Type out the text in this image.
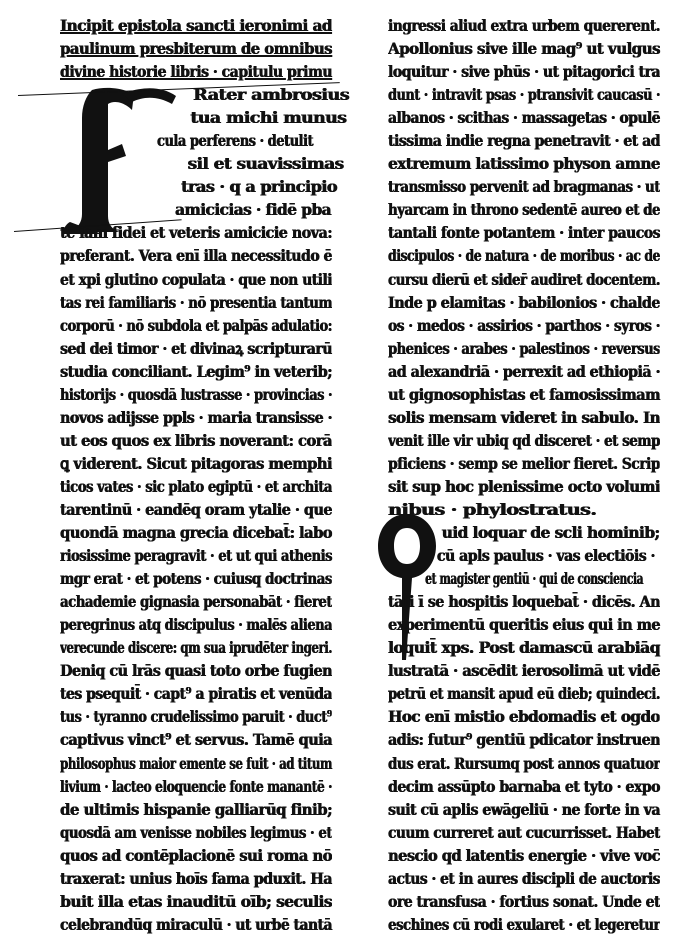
Incipit epistola sancti ieronimi ad
paulinum presbiterum de omnibus
divine historie libris · capitulu primu
Rater ambrosius
tua michi munus
cula perferens · detulit
sil et suavissimas
tras · q a principio
amicicias · fidē pba
te iam fidei et veteris amicicie nova:
preferant. Vera enī illa necessitudo ē
et xpi glutino copulata · que non utili
tas rei familiaris · nō presentia tantum
corporū · nō subdola et palpās adulatio:
sed dei timor · et divinaꝝ scripturarū
studia conciliant. Legim⁹ in veterib;
historijs · quosdā lustrasse · provincias ·
novos adijsse ppls · maria transisse ·
ut eos quos ex libris noverant: corā
ꝗ viderent. Sicut pitagoras memphi
ticos vates · sic plato egiptū · et archita
tarentinū · eandēq oram ytalie · que
quondā magna grecia dicebat̄: labo
riosissime peragravit · et ut qui athenis
mgr erat · et potens · cuiusq doctrinas
achademie gignasia personabāt · fieret
peregrinus atq discipulus · malēs aliena
verecunde discere: qm sua iprudēter ingeri.
Deniq cū lrās quasi toto orbe fugien
tes psequit̄ · capt⁹ a piratis et venūda
tus · tyranno crudelissimo paruit · duct⁹
captivus vinct⁹ et servus. Tamē quia
philosophus maior emente se fuit · ad titum
livium · lacteo eloquencie fonte manantē ·
de ultimis hispanie galliarūq finib;
quosdā am venisse nobiles legimus · et
quos ad contēplacionē sui roma nō
traxerat: unius hoīs fama pduxit. Ha
buit illa etas inauditū oīb; seculis
celebrandūq miraculū · ut urbē tantā
ingressi aliud extra urbem quererent.
Apollonius sive ille mag⁹ ut vulgus
loquitur · sive phūs · ut pitagorici tra
dunt · intravit psas · ptransivit caucasū ·
albanos · scithas · massagetas · opulē
tissima indie regna penetravit · et ad
extremum latissimo physon amne
transmisso pervenit ad bragmanas · ut
hyarcam in throno sedentē aureo et de
tantali fonte potantem · inter paucos
discipulos · de natura · de moribus · ac de
cursu dierū et sider̄ audiret docentem.
Inde p elamitas · babilonios · chalde
os · medos · assirios · parthos · syros ·
phenices · arabes · palestinos · reversus
ad alexandriā · perrexit ad ethiopiā ·
ut gignosophistas et famosissimam
solis mensam videret in sabulo. In
venit ille vir ubiq qd disceret · et semp
pficiens · semp se melior fieret. Scrip
sit sup hoc plenissime octo volumi
nibus · phylostratus.
uid loquar de scli hominib;
cū apls paulus · vas electiōis ·
et magister gentiū · qui de consciencia
tāti ī se hospitis loquebat̄ · dicēs. An
experimentū queritis eius qui in me
loquit̄ xps. Post damascū arabiāq
lustratā · ascēdit ierosolimā ut vidē
petrū et mansit apud eū dieb; quindeci.
Hoc enī mistio ebdomadis et ogdo
adis: futur⁹ gentiū pdicator instruen
dus erat. Rursumq post annos quatuor
decim assūpto barnaba et tyto · expo
suit cū aplis ewāgeliū · ne forte in va
cuum curreret aut cucurrisset. Habet
nescio qd latentis energie · vive voc̄
actus · et in aures discipli de auctoris
ore transfusa · fortius sonat. Unde et
eschines cū rodi exularet · et legeretur
